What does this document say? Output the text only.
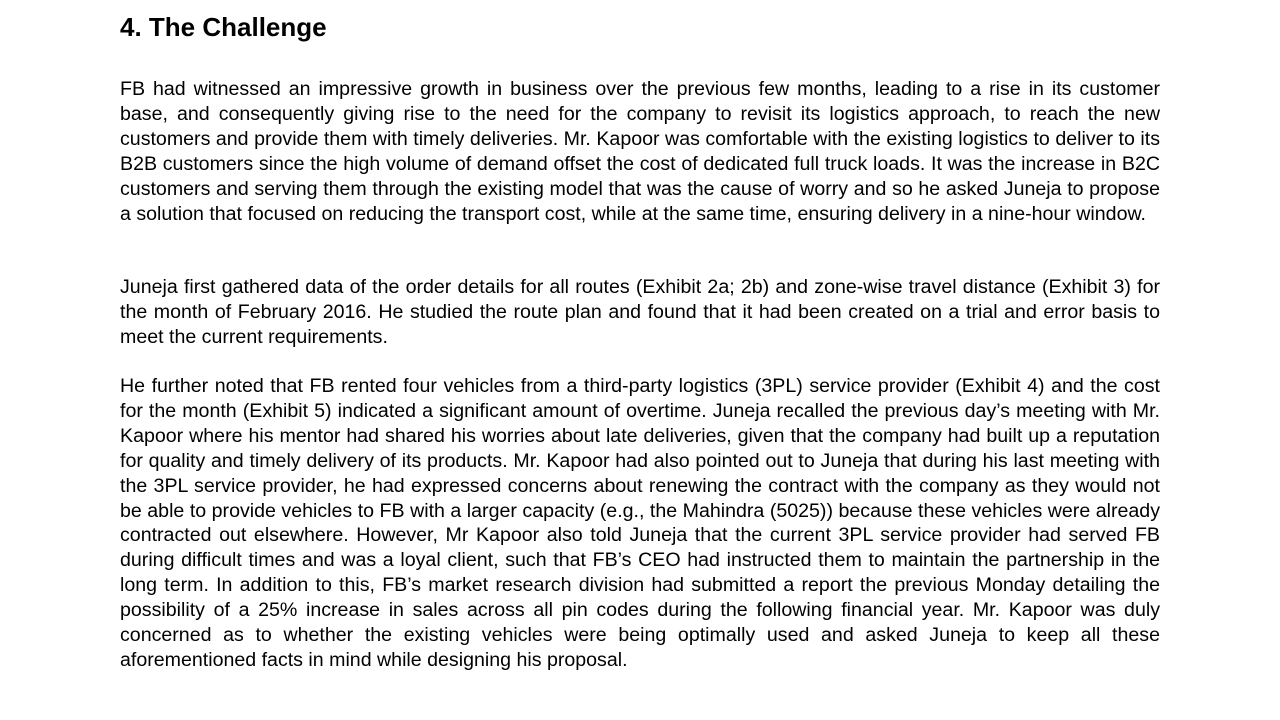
4. The Challenge

FB had witnessed an impressive growth in business over the previous few months, leading to a rise in its customer base, and consequently giving rise to the need for the company to revisit its logistics approach, to reach the new customers and provide them with timely deliveries. Mr. Kapoor was comfortable with the existing logistics to deliver to its B2B customers since the high volume of demand offset the cost of dedicated full truck loads. It was the increase in B2C customers and serving them through the existing model that was the cause of worry and so he asked Juneja to propose a solution that focused on reducing the transport cost, while at the same time, ensuring delivery in a nine-hour window.

Juneja first gathered data of the order details for all routes (Exhibit 2a; 2b) and zone-wise travel distance (Exhibit 3) for the month of February 2016. He studied the route plan and found that it had been created on a trial and error basis to meet the current requirements.

He further noted that FB rented four vehicles from a third-party logistics (3PL) service provider (Exhibit 4) and the cost for the month (Exhibit 5) indicated a significant amount of overtime. Juneja recalled the previous day’s meeting with Mr. Kapoor where his mentor had shared his worries about late deliveries, given that the company had built up a reputation for quality and timely delivery of its products. Mr. Kapoor had also pointed out to Juneja that during his last meeting with the 3PL service provider, he had expressed concerns about renewing the contract with the company as they would not be able to provide vehicles to FB with a larger capacity (e.g., the Mahindra (5025)) because these vehicles were already contracted out elsewhere. However, Mr Kapoor also told Juneja that the current 3PL service provider had served FB during difficult times and was a loyal client, such that FB’s CEO had instructed them to maintain the partnership in the long term. In addition to this, FB’s market research division had submitted a report the previous Monday detailing the possibility of a 25% increase in sales across all pin codes during the following financial year. Mr. Kapoor was duly concerned as to whether the existing vehicles were being optimally used and asked Juneja to keep all these aforementioned facts in mind while designing his proposal.
